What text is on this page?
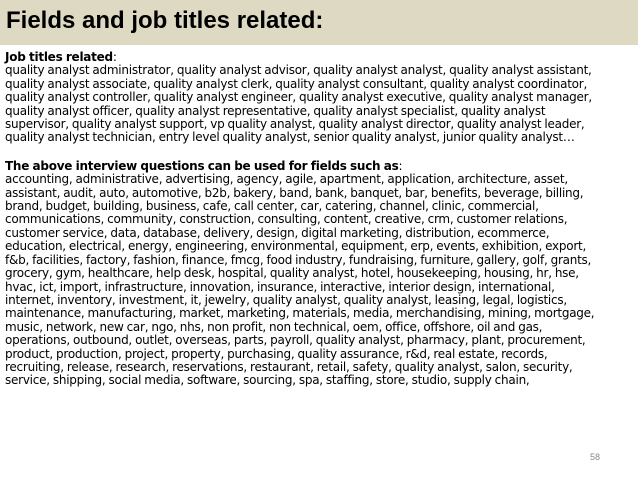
Fields and job titles related:
Job titles related:
quality analyst administrator, quality analyst advisor, quality analyst analyst, quality analyst assistant,
quality analyst associate, quality analyst clerk, quality analyst consultant, quality analyst coordinator,
quality analyst controller, quality analyst engineer, quality analyst executive, quality analyst manager,
quality analyst officer, quality analyst representative, quality analyst specialist, quality analyst
supervisor, quality analyst support, vp quality analyst, quality analyst director, quality analyst leader,
quality analyst technician, entry level quality analyst, senior quality analyst, junior quality analyst…
The above interview questions can be used for fields such as:
accounting, administrative, advertising, agency, agile, apartment, application, architecture, asset,
assistant, audit, auto, automotive, b2b, bakery, band, bank, banquet, bar, benefits, beverage, billing,
brand, budget, building, business, cafe, call center, car, catering, channel, clinic, commercial,
communications, community, construction, consulting, content, creative, crm, customer relations,
customer service, data, database, delivery, design, digital marketing, distribution, ecommerce,
education, electrical, energy, engineering, environmental, equipment, erp, events, exhibition, export,
f&b, facilities, factory, fashion, finance, fmcg, food industry, fundraising, furniture, gallery, golf, grants,
grocery, gym, healthcare, help desk, hospital, quality analyst, hotel, housekeeping, housing, hr, hse,
hvac, ict, import, infrastructure, innovation, insurance, interactive, interior design, international,
internet, inventory, investment, it, jewelry, quality analyst, quality analyst, leasing, legal, logistics,
maintenance, manufacturing, market, marketing, materials, media, merchandising, mining, mortgage,
music, network, new car, ngo, nhs, non profit, non technical, oem, office, offshore, oil and gas,
operations, outbound, outlet, overseas, parts, payroll, quality analyst, pharmacy, plant, procurement,
product, production, project, property, purchasing, quality assurance, r&d, real estate, records,
recruiting, release, research, reservations, restaurant, retail, safety, quality analyst, salon, security,
service, shipping, social media, software, sourcing, spa, staffing, store, studio, supply chain,
58
